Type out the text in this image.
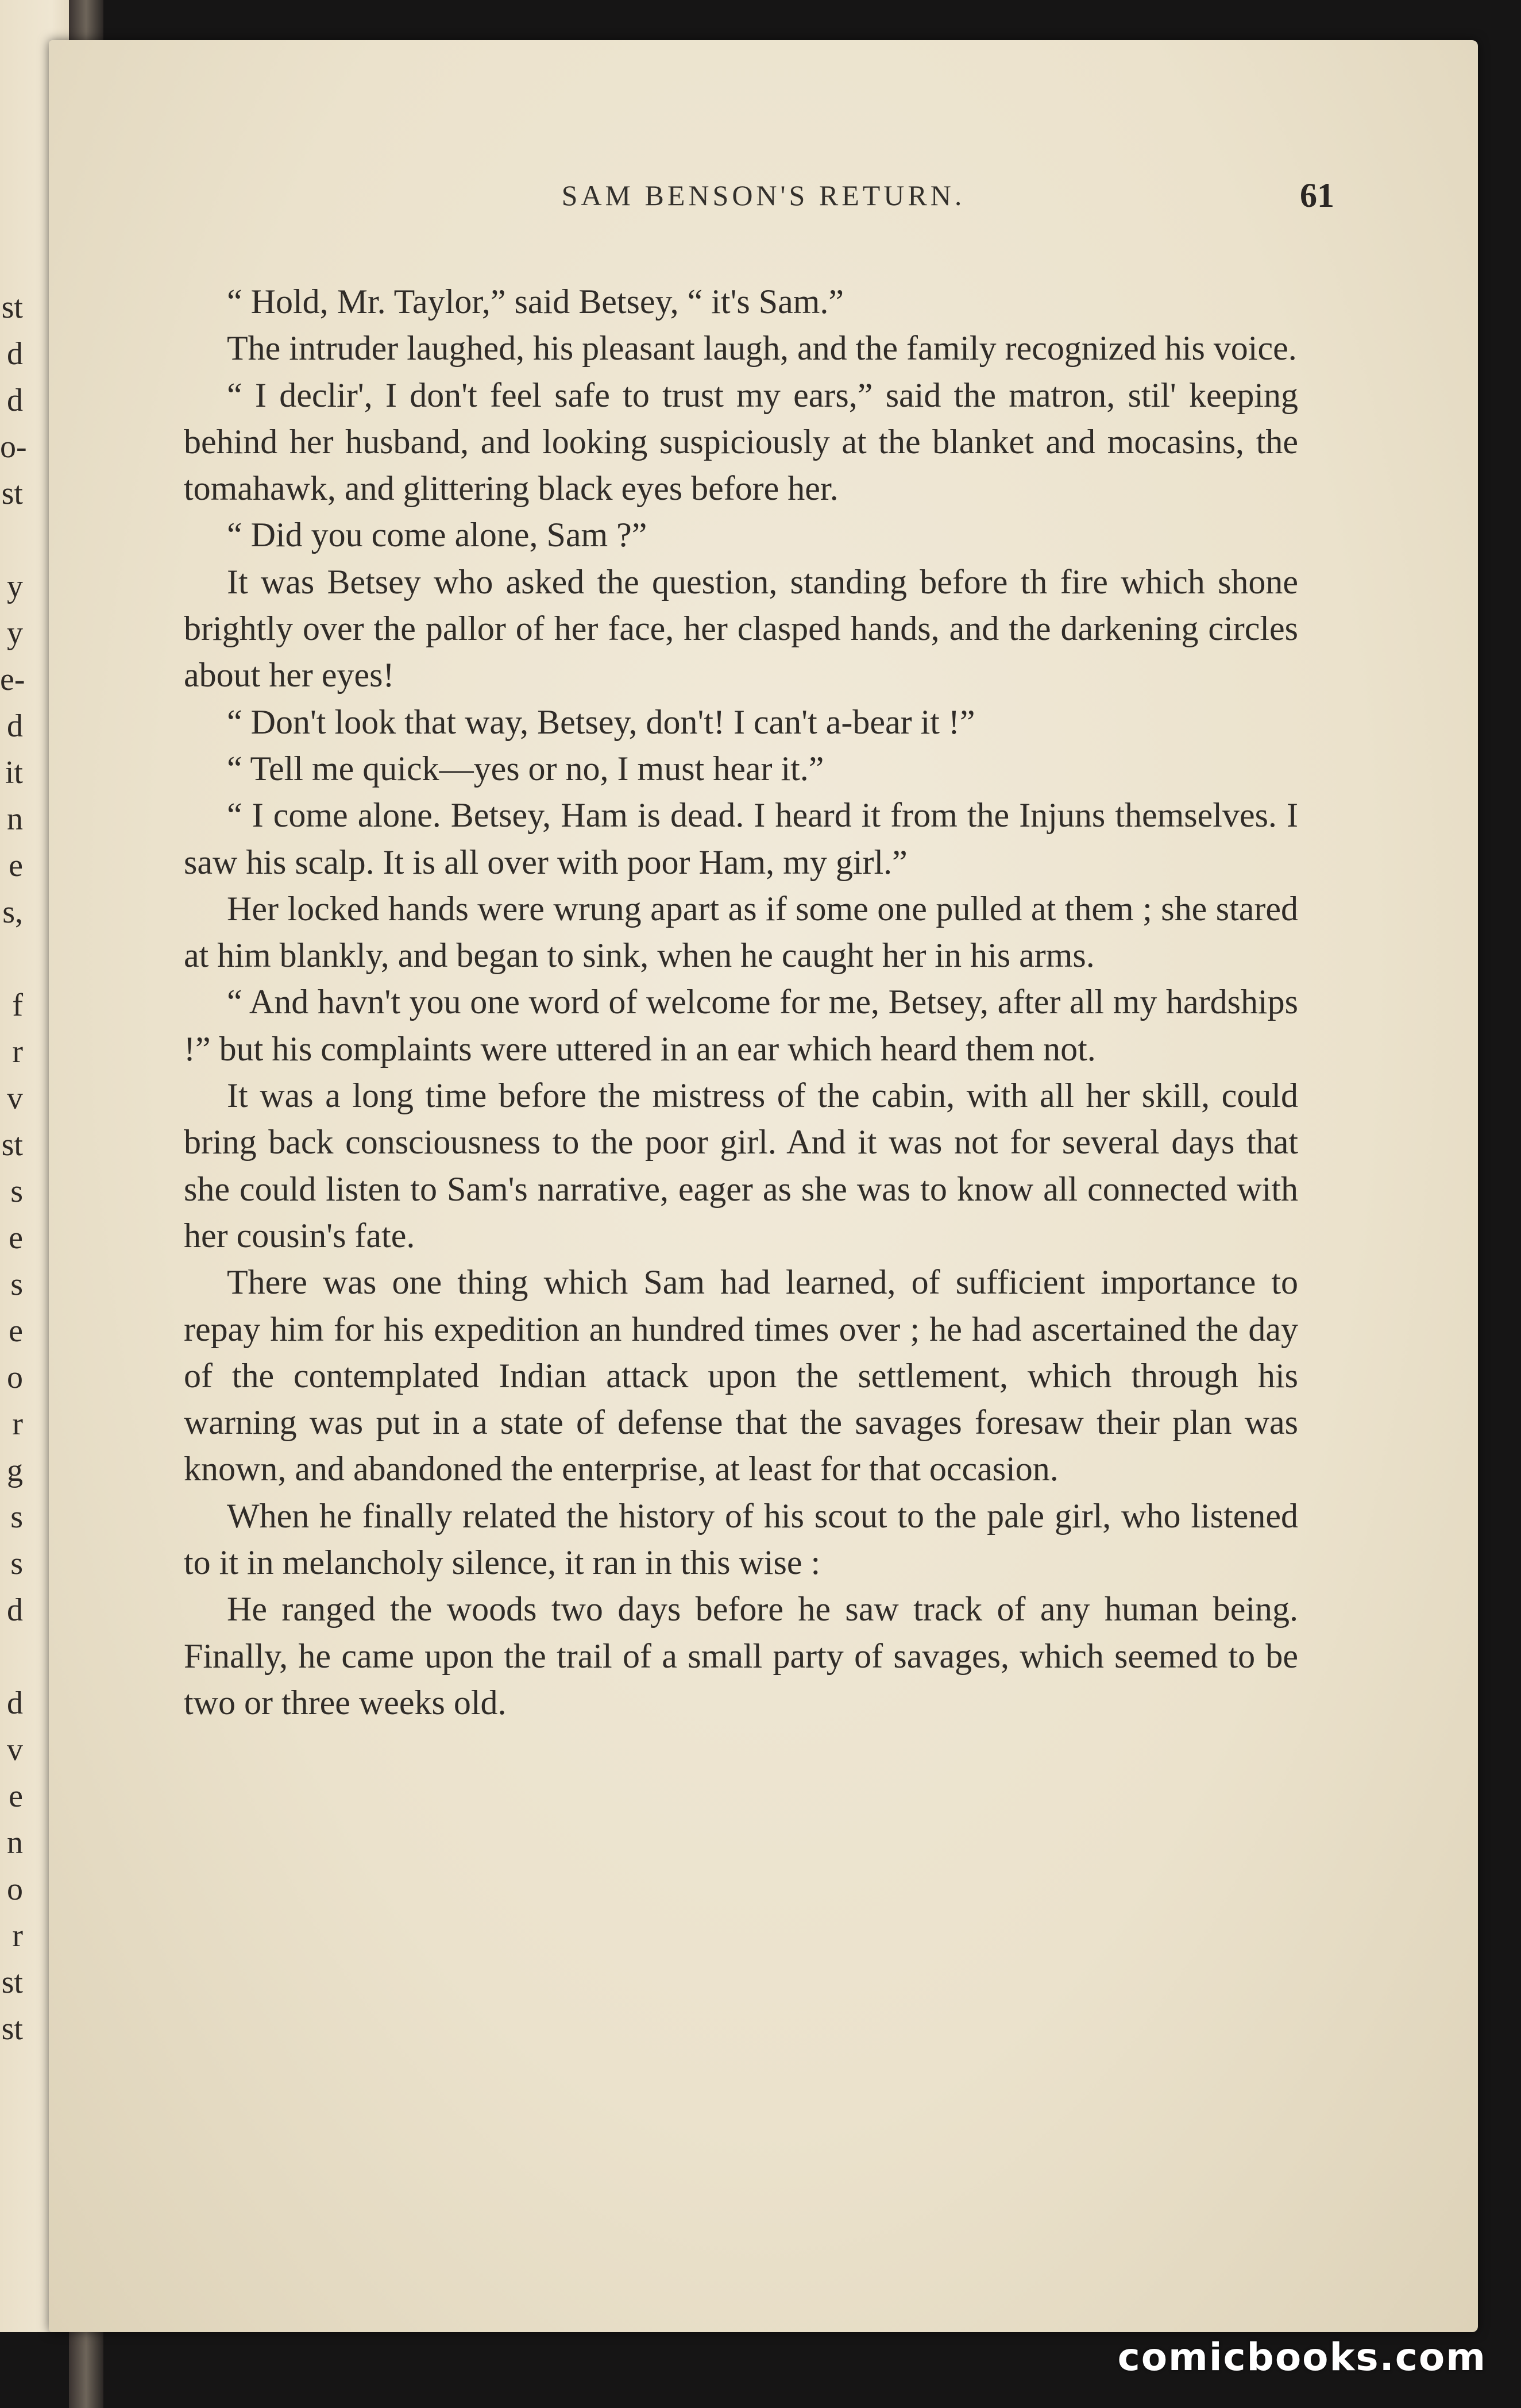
st
d
d
o-
st
y
y
e-
d
it
n
e
s,
f
r
v
st
s
e
s
e
o
r
g
s
s
d
d
v
e
n
o
r
st
st
SAM BENSON'S RETURN.	61

“ Hold, Mr. Taylor,” said Betsey, “ it's Sam.”

The intruder laughed, his pleasant laugh, and the family recognized his voice.

“ I declir', I don't feel safe to trust my ears,” said the matron, stil' keeping behind her husband, and looking suspiciously at the blanket and mocasins, the tomahawk, and glittering black eyes before her.

“ Did you come alone, Sam ?”

It was Betsey who asked the question, standing before th fire which shone brightly over the pallor of her face, her clasped hands, and the darkening circles about her eyes!

“ Don't look that way, Betsey, don't! I can't a-bear it !”

“ Tell me quick—yes or no, I must hear it.”

“ I come alone. Betsey, Ham is dead. I heard it from the Injuns themselves. I saw his scalp. It is all over with poor Ham, my girl.”

Her locked hands were wrung apart as if some one pulled at them ; she stared at him blankly, and began to sink, when he caught her in his arms.

“ And havn't you one word of welcome for me, Betsey, after all my hardships !” but his complaints were uttered in an ear which heard them not.

It was a long time before the mistress of the cabin, with all her skill, could bring back consciousness to the poor girl. And it was not for several days that she could listen to Sam's narrative, eager as she was to know all connected with her cousin's fate.

There was one thing which Sam had learned, of sufficient importance to repay him for his expedition an hundred times over ; he had ascertained the day of the contemplated Indian attack upon the settlement, which through his warning was put in a state of defense that the savages foresaw their plan was known, and abandoned the enterprise, at least for that occasion.

When he finally related the history of his scout to the pale girl, who listened to it in melancholy silence, it ran in this wise :

He ranged the woods two days before he saw track of any human being. Finally, he came upon the trail of a small party of savages, which seemed to be two or three weeks old.

comicbooks.com
